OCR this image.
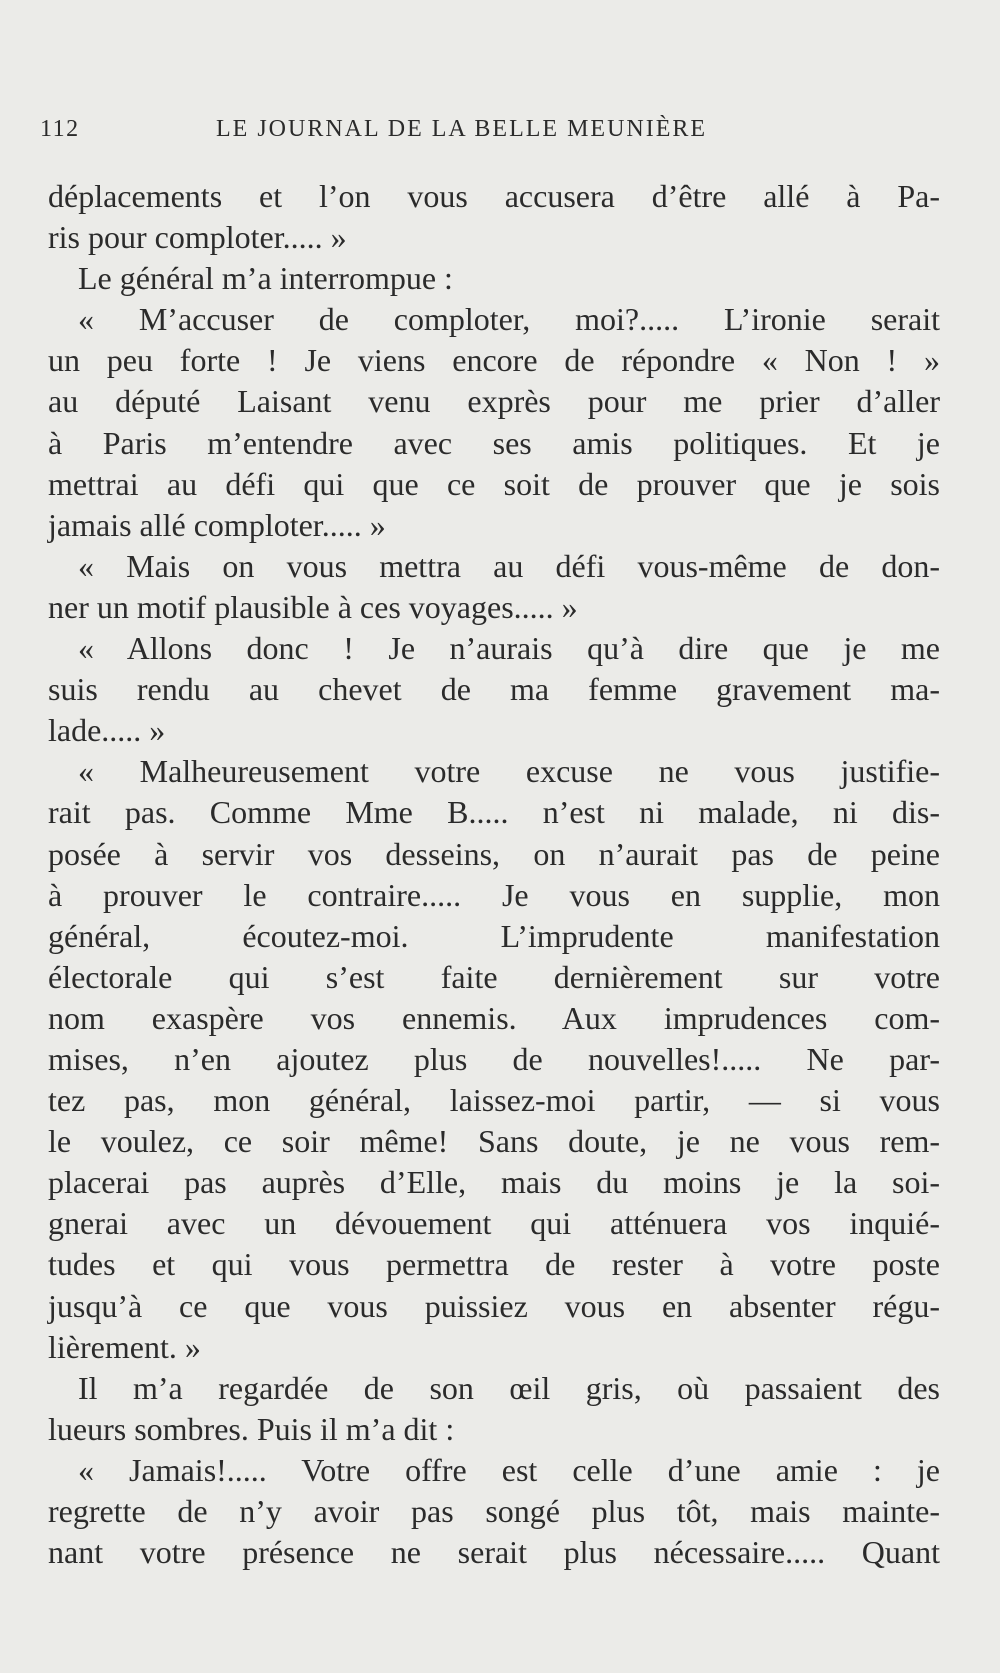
112	LE JOURNAL DE LA BELLE MEUNIÈRE
déplacements et l’on vous accusera d’être allé à Pa-
ris pour comploter..... »
Le général m’a interrompue :
« M’accuser de comploter, moi?..... L’ironie serait
un peu forte ! Je viens encore de répondre « Non ! »
au député Laisant venu exprès pour me prier d’aller
à Paris m’entendre avec ses amis politiques. Et je
mettrai au défi qui que ce soit de prouver que je sois
jamais allé comploter..... »
« Mais on vous mettra au défi vous-même de don-
ner un motif plausible à ces voyages..... »
« Allons donc ! Je n’aurais qu’à dire que je me
suis rendu au chevet de ma femme gravement ma-
lade..... »
« Malheureusement votre excuse ne vous justifie-
rait pas. Comme Mme B..... n’est ni malade, ni dis-
posée à servir vos desseins, on n’aurait pas de peine
à prouver le contraire..... Je vous en supplie, mon
général, écoutez-moi. L’imprudente manifestation
électorale qui s’est faite dernièrement sur votre
nom exaspère vos ennemis. Aux imprudences com-
mises, n’en ajoutez plus de nouvelles!..... Ne par-
tez pas, mon général, laissez-moi partir, — si vous
le voulez, ce soir même! Sans doute, je ne vous rem-
placerai pas auprès d’Elle, mais du moins je la soi-
gnerai avec un dévouement qui atténuera vos inquié-
tudes et qui vous permettra de rester à votre poste
jusqu’à ce que vous puissiez vous en absenter régu-
lièrement. »
Il m’a regardée de son œil gris, où passaient des
lueurs sombres. Puis il m’a dit :
« Jamais!..... Votre offre est celle d’une amie : je
regrette de n’y avoir pas songé plus tôt, mais mainte-
nant votre présence ne serait plus nécessaire..... Quant
